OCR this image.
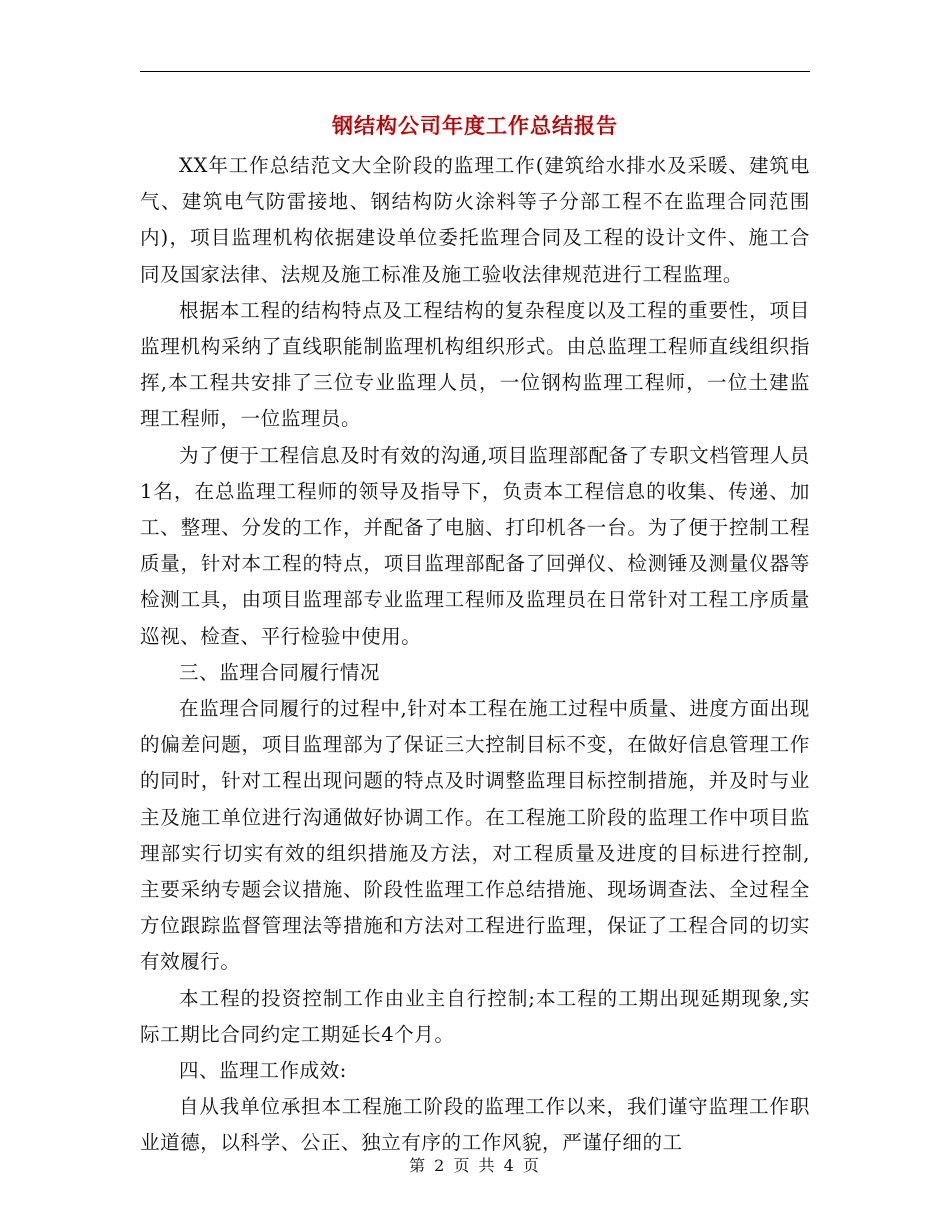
钢结构公司年度工作总结报告

XX年工作总结范文大全阶段的监理工作(建筑给水排水及采暖、建筑电气、建筑电气防雷接地、钢结构防火涂料等子分部工程不在监理合同范围内)，项目监理机构依据建设单位委托监理合同及工程的设计文件、施工合同及国家法律、法规及施工标准及施工验收法律规范进行工程监理。

根据本工程的结构特点及工程结构的复杂程度以及工程的重要性，项目监理机构采纳了直线职能制监理机构组织形式。由总监理工程师直线组织指挥,本工程共安排了三位专业监理人员，一位钢构监理工程师，一位土建监理工程师，一位监理员。

为了便于工程信息及时有效的沟通,项目监理部配备了专职文档管理人员1名，在总监理工程师的领导及指导下，负责本工程信息的收集、传递、加工、整理、分发的工作，并配备了电脑、打印机各一台。为了便于控制工程质量，针对本工程的特点，项目监理部配备了回弹仪、检测锤及测量仪器等检测工具，由项目监理部专业监理工程师及监理员在日常针对工程工序质量巡视、检查、平行检验中使用。

三、监理合同履行情况

在监理合同履行的过程中,针对本工程在施工过程中质量、进度方面出现的偏差问题，项目监理部为了保证三大控制目标不变，在做好信息管理工作的同时，针对工程出现问题的特点及时调整监理目标控制措施，并及时与业主及施工单位进行沟通做好协调工作。在工程施工阶段的监理工作中项目监理部实行切实有效的组织措施及方法，对工程质量及进度的目标进行控制,主要采纳专题会议措施、阶段性监理工作总结措施、现场调查法、全过程全方位跟踪监督管理法等措施和方法对工程进行监理，保证了工程合同的切实有效履行。

本工程的投资控制工作由业主自行控制;本工程的工期出现延期现象,实际工期比合同约定工期延长4个月。

四、监理工作成效:

自从我单位承担本工程施工阶段的监理工作以来，我们谨守监理工作职业道德，以科学、公正、独立有序的工作风貌，严谨仔细的工

第 2 页 共 4 页
